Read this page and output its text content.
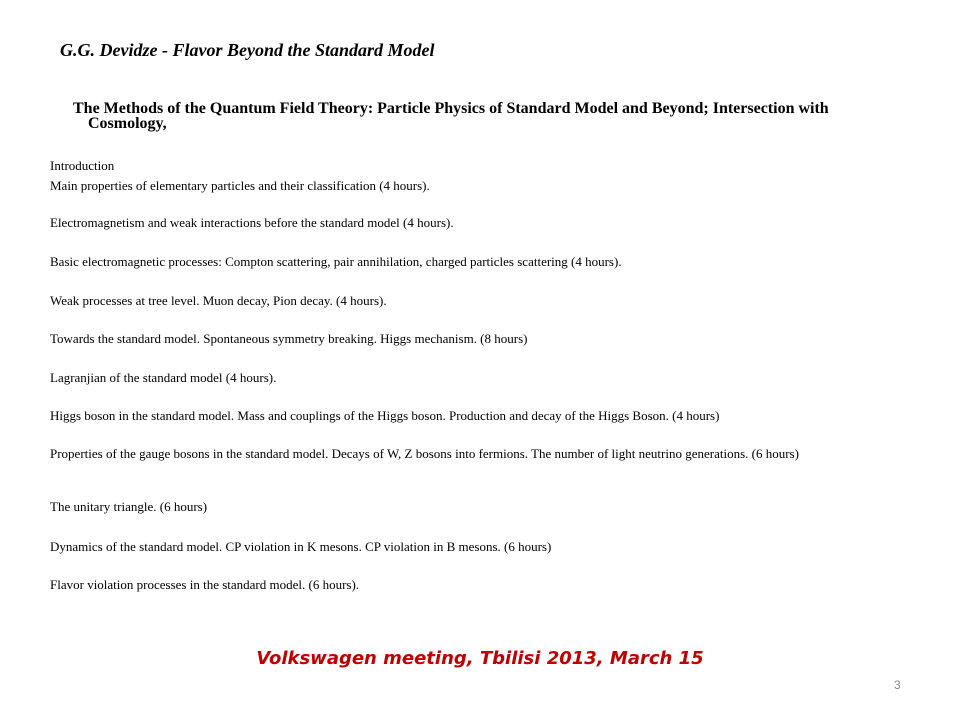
G.G. Devidze - Flavor Beyond the Standard Model
The Methods of the Quantum Field Theory: Particle Physics of Standard Model and Beyond; Intersection with Cosmology,
Introduction
Main properties of elementary particles and their classification (4 hours).
Electromagnetism and weak interactions before the standard model (4 hours).
Basic electromagnetic processes: Compton scattering, pair annihilation, charged particles scattering (4 hours).
Weak processes at tree level. Muon decay, Pion decay. (4 hours).
Towards the standard model. Spontaneous symmetry breaking. Higgs mechanism. (8 hours)
Lagranjian of the standard model (4 hours).
Higgs boson in the standard model. Mass and couplings of the Higgs boson. Production and decay of the Higgs Boson. (4 hours)
Properties of the gauge bosons in the standard model. Decays of W, Z bosons into fermions. The number of light neutrino generations. (6 hours)
The unitary triangle. (6 hours)
Dynamics of the standard model. CP violation in K mesons. CP violation in B mesons. (6 hours)
Flavor violation processes in the standard model. (6 hours).
Volkswagen meeting, Tbilisi 2013, March 15
3
